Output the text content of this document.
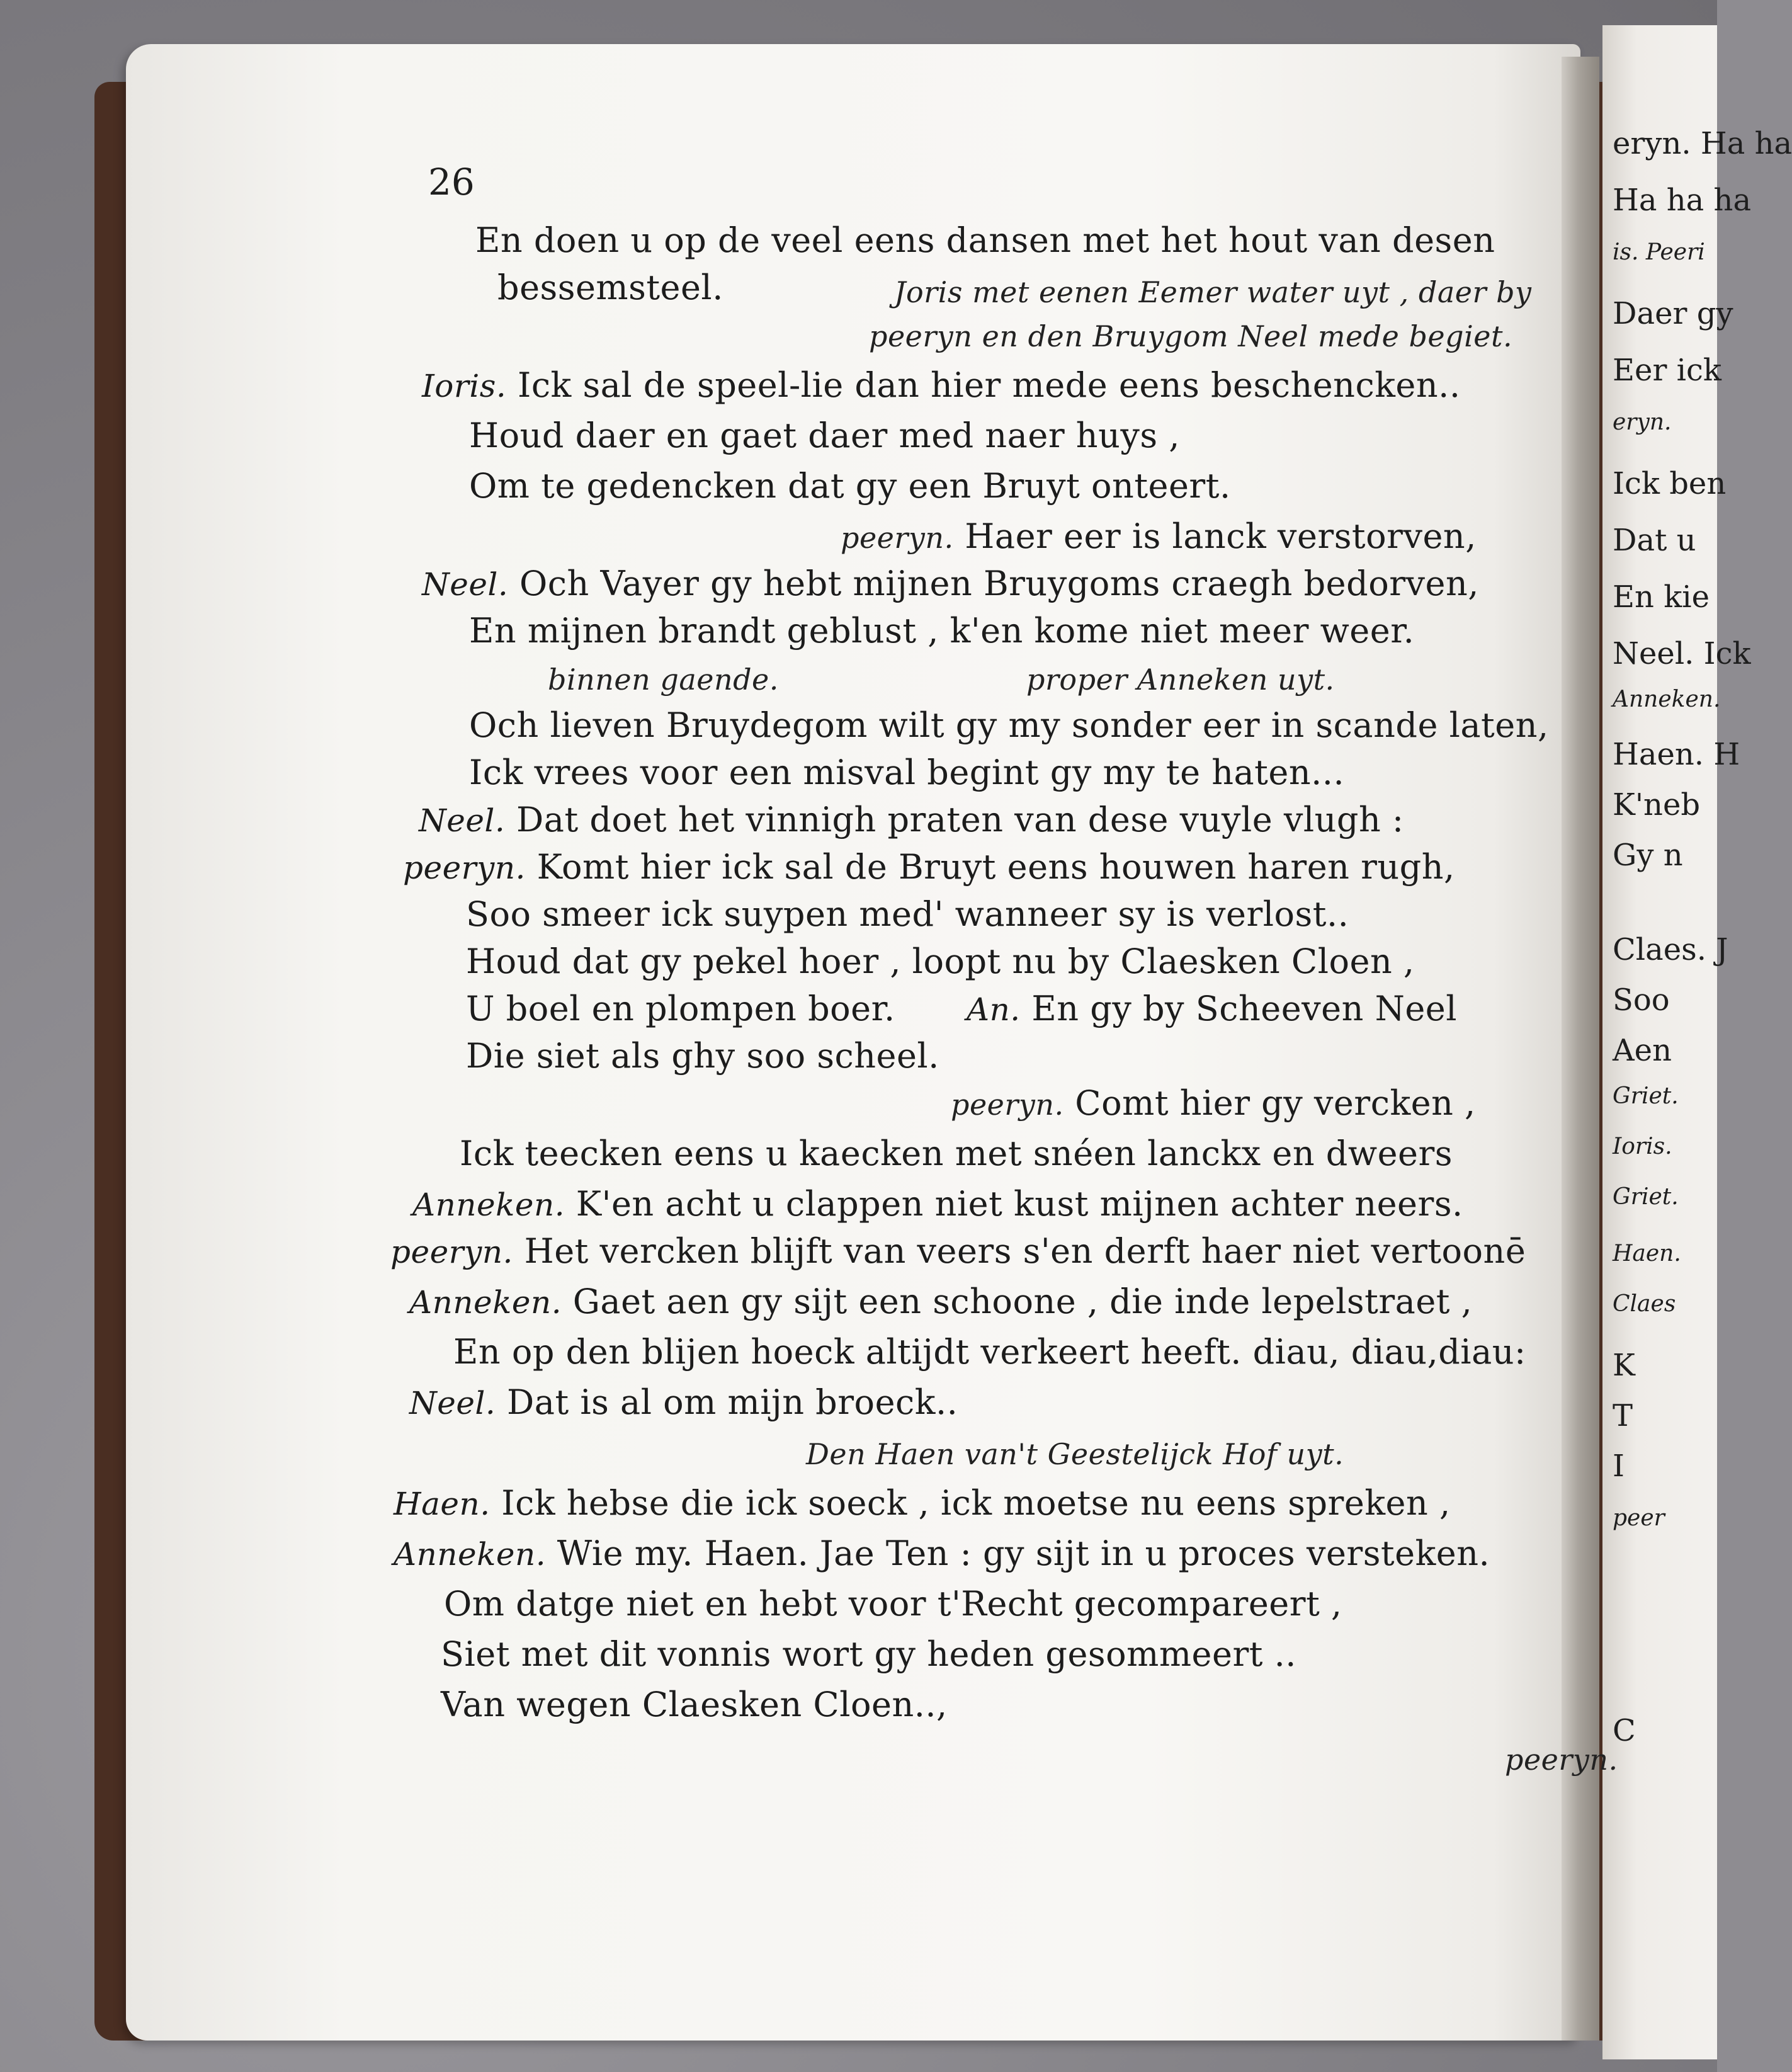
eryn. Ha ha
Ha ha ha
is. Peeri
Daer gy
Eer ick
eryn.
Ick ben
Dat u
En kie
Neel. Ick
Anneken.
Haen. H
K'neb
Gy n
Claes. J
Soo
Aen
Griet.
Ioris.
Griet.
Haen.
Claes
K
T
I
peer
C
26
En doen u op de veel eens dansen met het hout van desen
bessemsteel.	Joris met eenen Eemer water uyt , daer by
peeryn en den Bruygom Neel mede begiet.
Ioris. Ick sal de speel-lie dan hier mede eens beschencken..
Houd daer en gaet daer med naer huys ,
Om te gedencken dat gy een Bruyt onteert.
peeryn. Haer eer is lanck verstorven,
Neel. Och Vayer gy hebt mijnen Bruygoms craegh bedorven,
En mijnen brandt geblust , k'en kome niet meer weer.
binnen gaende.	proper Anneken uyt.
Och lieven Bruydegom wilt gy my sonder eer in scande laten,
Ick vrees voor een misval begint gy my te haten...
Neel. Dat doet het vinnigh praten van dese vuyle vlugh :
peeryn. Komt hier ick sal de Bruyt eens houwen haren rugh,
Soo smeer ick suypen med' wanneer sy is verlost..
Houd dat gy pekel hoer , loopt nu by Claesken Cloen ,
U boel en plompen boer. An. En gy by Scheeven Neel
Die siet als ghy soo scheel.
peeryn. Comt hier gy vercken ,
Ick teecken eens u kaecken met snéen lanckx en dweers
Anneken. K'en acht u clappen niet kust mijnen achter neers.
peeryn. Het vercken blijft van veers s'en derft haer niet vertoonē
Anneken. Gaet aen gy sijt een schoone , die inde lepelstraet ,
En op den blijen hoeck altijdt verkeert heeft. diau, diau,diau:
Neel. Dat is al om mijn broeck..
Den Haen van't Geestelijck Hof uyt.
Haen. Ick hebse die ick soeck , ick moetse nu eens spreken ,
Anneken. Wie my. Haen. Jae Ten : gy sijt in u proces versteken.
Om datge niet en hebt voor t'Recht gecompareert ,
Siet met dit vonnis wort gy heden gesommeert ..
Van wegen Claesken Cloen..,
peeryn.
